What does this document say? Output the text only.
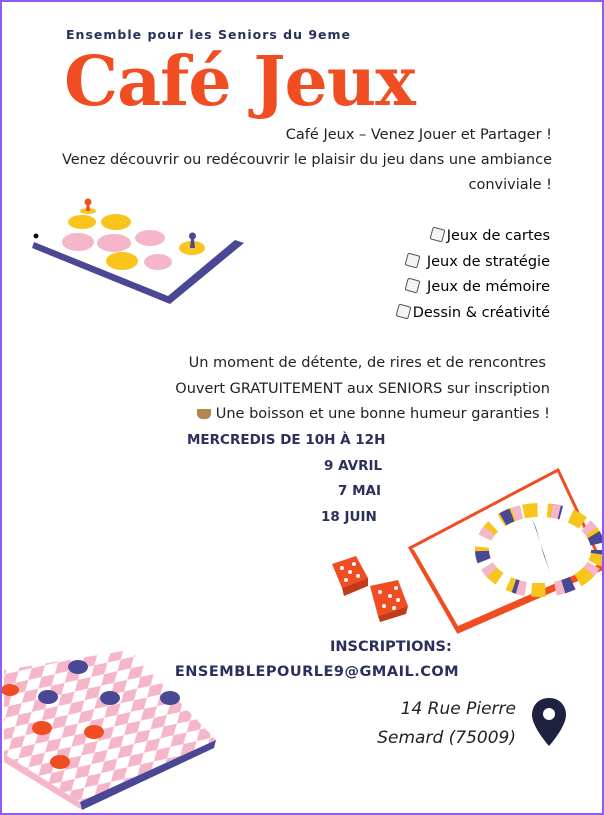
Ensemble pour les Seniors du 9eme
Café Jeux
Café Jeux – Venez Jouer et Partager !
Venez découvrir ou redécouvrir le plaisir du jeu dans une ambiance
conviviale !
Jeux de cartes
Jeux de stratégie
Jeux de mémoire
Dessin & créativité
Un moment de détente, de rires et de rencontres
Ouvert GRATUITEMENT aux SENIORS sur inscription
Une boisson et une bonne humeur garanties !
MERCREDIS DE 10H À 12H
9 AVRIL
7 MAI
18 JUIN
INSCRIPTIONS:
ENSEMBLEPOURLE9@GMAIL.COM
14 Rue Pierre
Semard (75009)
